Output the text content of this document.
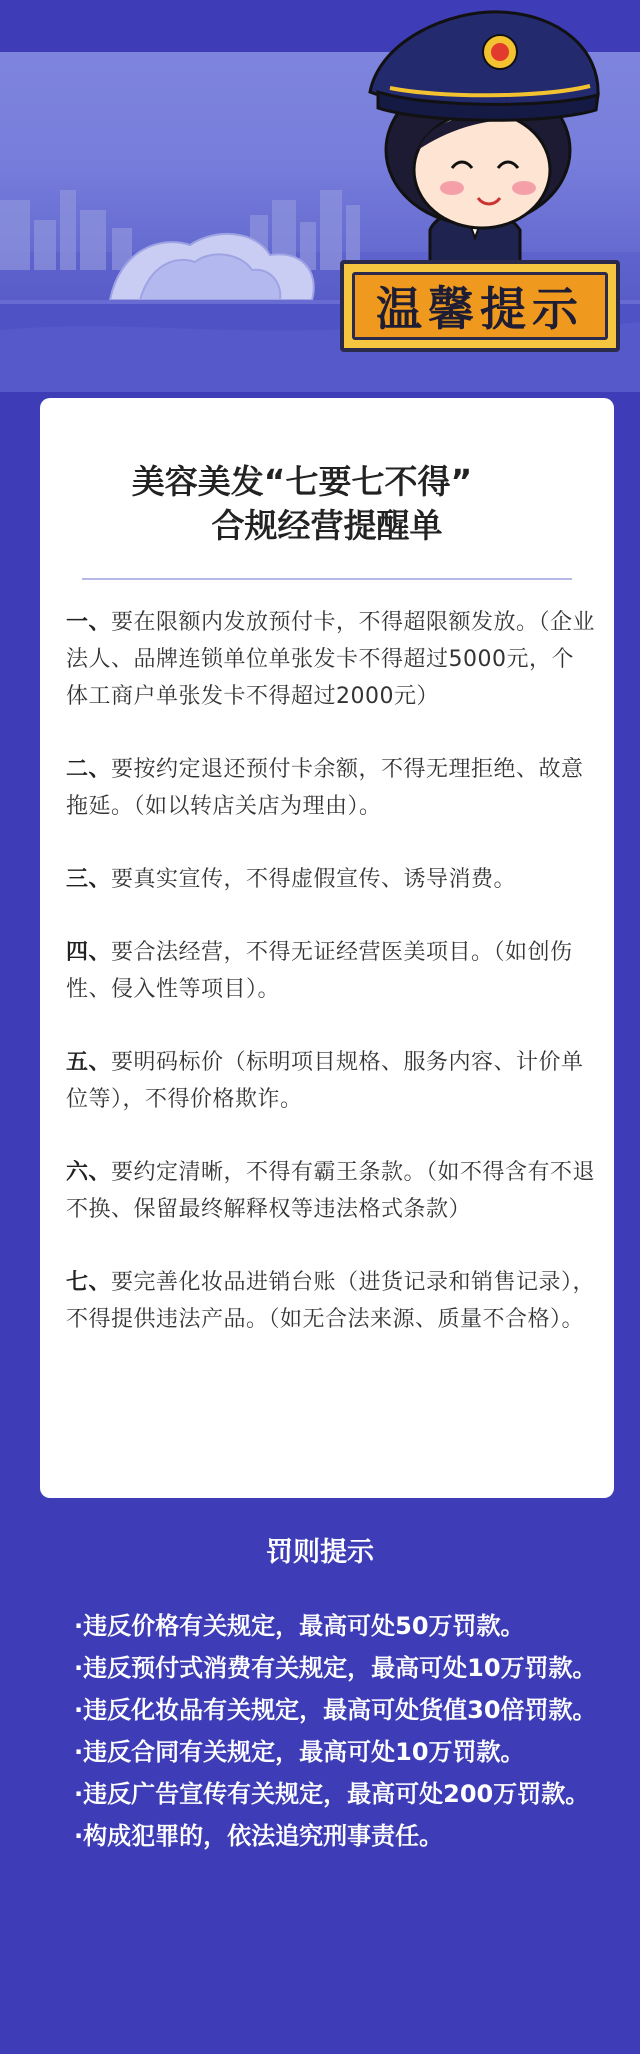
温馨提示
美容美发“七要七不得”
合规经营提醒单
一、要在限额内发放预付卡，不得超限额发放。（企业法人、品牌连锁单位单张发卡不得超过5000元，个体工商户单张发卡不得超过2000元）
二、要按约定退还预付卡余额，不得无理拒绝、故意拖延。（如以转店关店为理由）。
三、要真实宣传，不得虚假宣传、诱导消费。
四、要合法经营，不得无证经营医美项目。（如创伤性、侵入性等项目）。
五、要明码标价（标明项目规格、服务内容、计价单位等），不得价格欺诈。
六、要约定清晰，不得有霸王条款。（如不得含有不退不换、保留最终解释权等违法格式条款）
七、要完善化妆品进销台账（进货记录和销售记录），不得提供违法产品。（如无合法来源、质量不合格）。
罚则提示
·违反价格有关规定，最高可处50万罚款。
·违反预付式消费有关规定，最高可处10万罚款。
·违反化妆品有关规定，最高可处货值30倍罚款。
·违反合同有关规定，最高可处10万罚款。
·违反广告宣传有关规定，最高可处200万罚款。
·构成犯罪的，依法追究刑事责任。
